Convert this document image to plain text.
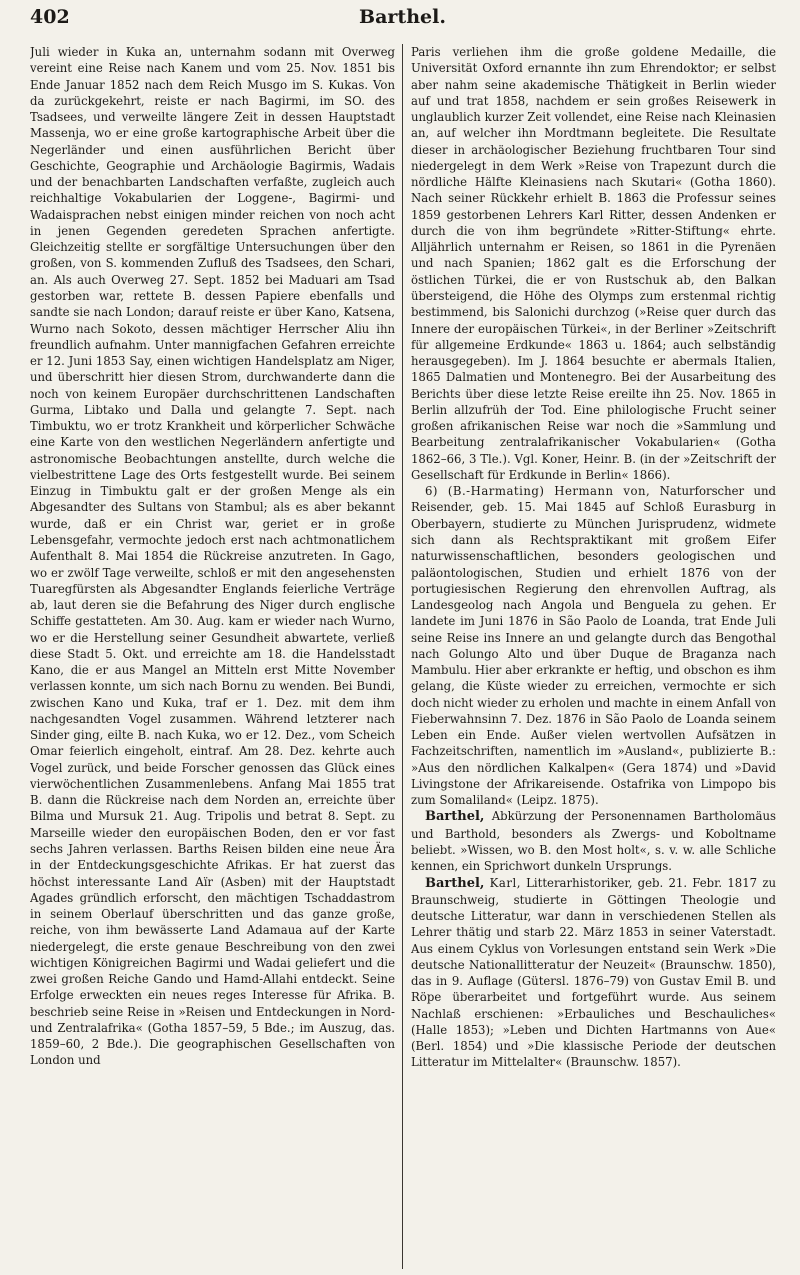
402	Barthel.

Juli wieder in Kuka an, unternahm sodann mit Overweg vereint eine Reise nach Kanem und vom 25. Nov. 1851 bis Ende Januar 1852 nach dem Reich Musgo im S. Kukas. Von da zurückgekehrt, reiste er nach Bagirmi, im SO. des Tsadsees, und verweilte längere Zeit in dessen Hauptstadt Massenja, wo er eine große kartographische Arbeit über die Negerländer und einen ausführlichen Bericht über Geschichte, Geographie und Archäologie Bagirmis, Wadais und der benachbarten Landschaften verfaßte, zugleich auch reichhaltige Vokabularien der Loggene-, Bagirmi- und Wadaisprachen nebst einigen minder reichen von noch acht in jenen Gegenden geredeten Sprachen anfertigte. Gleichzeitig stellte er sorgfältige Untersuchungen über den großen, von S. kommenden Zufluß des Tsadsees, den Schari, an. Als auch Overweg 27. Sept. 1852 bei Maduari am Tsad gestorben war, rettete B. dessen Papiere ebenfalls und sandte sie nach London; darauf reiste er über Kano, Katsena, Wurno nach Sokoto, dessen mächtiger Herrscher Aliu ihn freundlich aufnahm. Unter mannigfachen Gefahren erreichte er 12. Juni 1853 Say, einen wichtigen Handelsplatz am Niger, und überschritt hier diesen Strom, durchwanderte dann die noch von keinem Europäer durchschrittenen Landschaften Gurma, Libtako und Dalla und gelangte 7. Sept. nach Timbuktu, wo er trotz Krankheit und körperlicher Schwäche eine Karte von den westlichen Negerländern anfertigte und astronomische Beobachtungen anstellte, durch welche die vielbestrittene Lage des Orts festgestellt wurde. Bei seinem Einzug in Timbuktu galt er der großen Menge als ein Abgesandter des Sultans von Stambul; als es aber bekannt wurde, daß er ein Christ war, geriet er in große Lebensgefahr, vermochte jedoch erst nach achtmonatlichem Aufenthalt 8. Mai 1854 die Rückreise anzutreten. In Gago, wo er zwölf Tage verweilte, schloß er mit den angesehensten Tuaregfürsten als Abgesandter Englands feierliche Verträge ab, laut deren sie die Befahrung des Niger durch englische Schiffe gestatteten. Am 30. Aug. kam er wieder nach Wurno, wo er die Herstellung seiner Gesundheit abwartete, verließ diese Stadt 5. Okt. und erreichte am 18. die Handelsstadt Kano, die er aus Mangel an Mitteln erst Mitte November verlassen konnte, um sich nach Bornu zu wenden. Bei Bundi, zwischen Kano und Kuka, traf er 1. Dez. mit dem ihm nachgesandten Vogel zusammen. Während letzterer nach Sinder ging, eilte B. nach Kuka, wo er 12. Dez., vom Scheich Omar feierlich eingeholt, eintraf. Am 28. Dez. kehrte auch Vogel zurück, und beide Forscher genossen das Glück eines vierwöchentlichen Zusammenlebens. Anfang Mai 1855 trat B. dann die Rückreise nach dem Norden an, erreichte über Bilma und Mursuk 21. Aug. Tripolis und betrat 8. Sept. zu Marseille wieder den europäischen Boden, den er vor fast sechs Jahren verlassen. Barths Reisen bilden eine neue Ära in der Entdeckungsgeschichte Afrikas. Er hat zuerst das höchst interessante Land Aïr (Asben) mit der Hauptstadt Agades gründlich erforscht, den mächtigen Tschaddastrom in seinem Oberlauf überschritten und das ganze große, reiche, von ihm bewässerte Land Adamaua auf der Karte niedergelegt, die erste genaue Beschreibung von den zwei wichtigen Königreichen Bagirmi und Wadai geliefert und die zwei großen Reiche Gando und Hamd-Allahi entdeckt. Seine Erfolge erweckten ein neues reges Interesse für Afrika. B. beschrieb seine Reise in »Reisen und Entdeckungen in Nord- und Zentralafrika« (Gotha 1857–59, 5 Bde.; im Auszug, das. 1859–60, 2 Bde.). Die geographischen Gesellschaften von London und

Paris verliehen ihm die große goldene Medaille, die Universität Oxford ernannte ihn zum Ehrendoktor; er selbst aber nahm seine akademische Thätigkeit in Berlin wieder auf und trat 1858, nachdem er sein großes Reisewerk in unglaublich kurzer Zeit vollendet, eine Reise nach Kleinasien an, auf welcher ihn Mordtmann begleitete. Die Resultate dieser in archäologischer Beziehung fruchtbaren Tour sind niedergelegt in dem Werk »Reise von Trapezunt durch die nördliche Hälfte Kleinasiens nach Skutari« (Gotha 1860). Nach seiner Rückkehr erhielt B. 1863 die Professur seines 1859 gestorbenen Lehrers Karl Ritter, dessen Andenken er durch die von ihm begründete »Ritter-Stiftung« ehrte. Alljährlich unternahm er Reisen, so 1861 in die Pyrenäen und nach Spanien; 1862 galt es die Erforschung der östlichen Türkei, die er von Rustschuk ab, den Balkan übersteigend, die Höhe des Olymps zum erstenmal richtig bestimmend, bis Salonichi durchzog (»Reise quer durch das Innere der europäischen Türkei«, in der Berliner »Zeitschrift für allgemeine Erdkunde« 1863 u. 1864; auch selbständig herausgegeben). Im J. 1864 besuchte er abermals Italien, 1865 Dalmatien und Montenegro. Bei der Ausarbeitung des Berichts über diese letzte Reise ereilte ihn 25. Nov. 1865 in Berlin allzufrüh der Tod. Eine philologische Frucht seiner großen afrikanischen Reise war noch die »Sammlung und Bearbeitung zentralafrikanischer Vokabularien« (Gotha 1862–66, 3 Tle.). Vgl. Koner, Heinr. B. (in der »Zeitschrift der Gesellschaft für Erdkunde in Berlin« 1866).

6) (B.-Harmating) Hermann von, Naturforscher und Reisender, geb. 15. Mai 1845 auf Schloß Eurasburg in Oberbayern, studierte zu München Jurisprudenz, widmete sich dann als Rechtspraktikant mit großem Eifer naturwissenschaftlichen, besonders geologischen und paläontologischen, Studien und erhielt 1876 von der portugiesischen Regierung den ehrenvollen Auftrag, als Landesgeolog nach Angola und Benguela zu gehen. Er landete im Juni 1876 in São Paolo de Loanda, trat Ende Juli seine Reise ins Innere an und gelangte durch das Bengothal nach Golungo Alto und über Duque de Braganza nach Mambulu. Hier aber erkrankte er heftig, und obschon es ihm gelang, die Küste wieder zu erreichen, vermochte er sich doch nicht wieder zu erholen und machte in einem Anfall von Fieberwahnsinn 7. Dez. 1876 in São Paolo de Loanda seinem Leben ein Ende. Außer vielen wertvollen Aufsätzen in Fachzeitschriften, namentlich im »Ausland«, publizierte B.: »Aus den nördlichen Kalkalpen« (Gera 1874) und »David Livingstone der Afrikareisende. Ostafrika von Limpopo bis zum Somaliland« (Leipz. 1875).

Barthel, Abkürzung der Personennamen Bartholomäus und Barthold, besonders als Zwergs- und Koboltname beliebt. »Wissen, wo B. den Most holt«, s. v. w. alle Schliche kennen, ein Sprichwort dunkeln Ursprungs.

Barthel, Karl, Litterarhistoriker, geb. 21. Febr. 1817 zu Braunschweig, studierte in Göttingen Theologie und deutsche Litteratur, war dann in verschiedenen Stellen als Lehrer thätig und starb 22. März 1853 in seiner Vaterstadt. Aus einem Cyklus von Vorlesungen entstand sein Werk »Die deutsche Nationallitteratur der Neuzeit« (Braunschw. 1850), das in 9. Auflage (Gütersl. 1876–79) von Gustav Emil B. und Röpe überarbeitet und fortgeführt wurde. Aus seinem Nachlaß erschienen: »Erbauliches und Beschauliches« (Halle 1853); »Leben und Dichten Hartmanns von Aue« (Berl. 1854) und »Die klassische Periode der deutschen Litteratur im Mittelalter« (Braunschw. 1857).
